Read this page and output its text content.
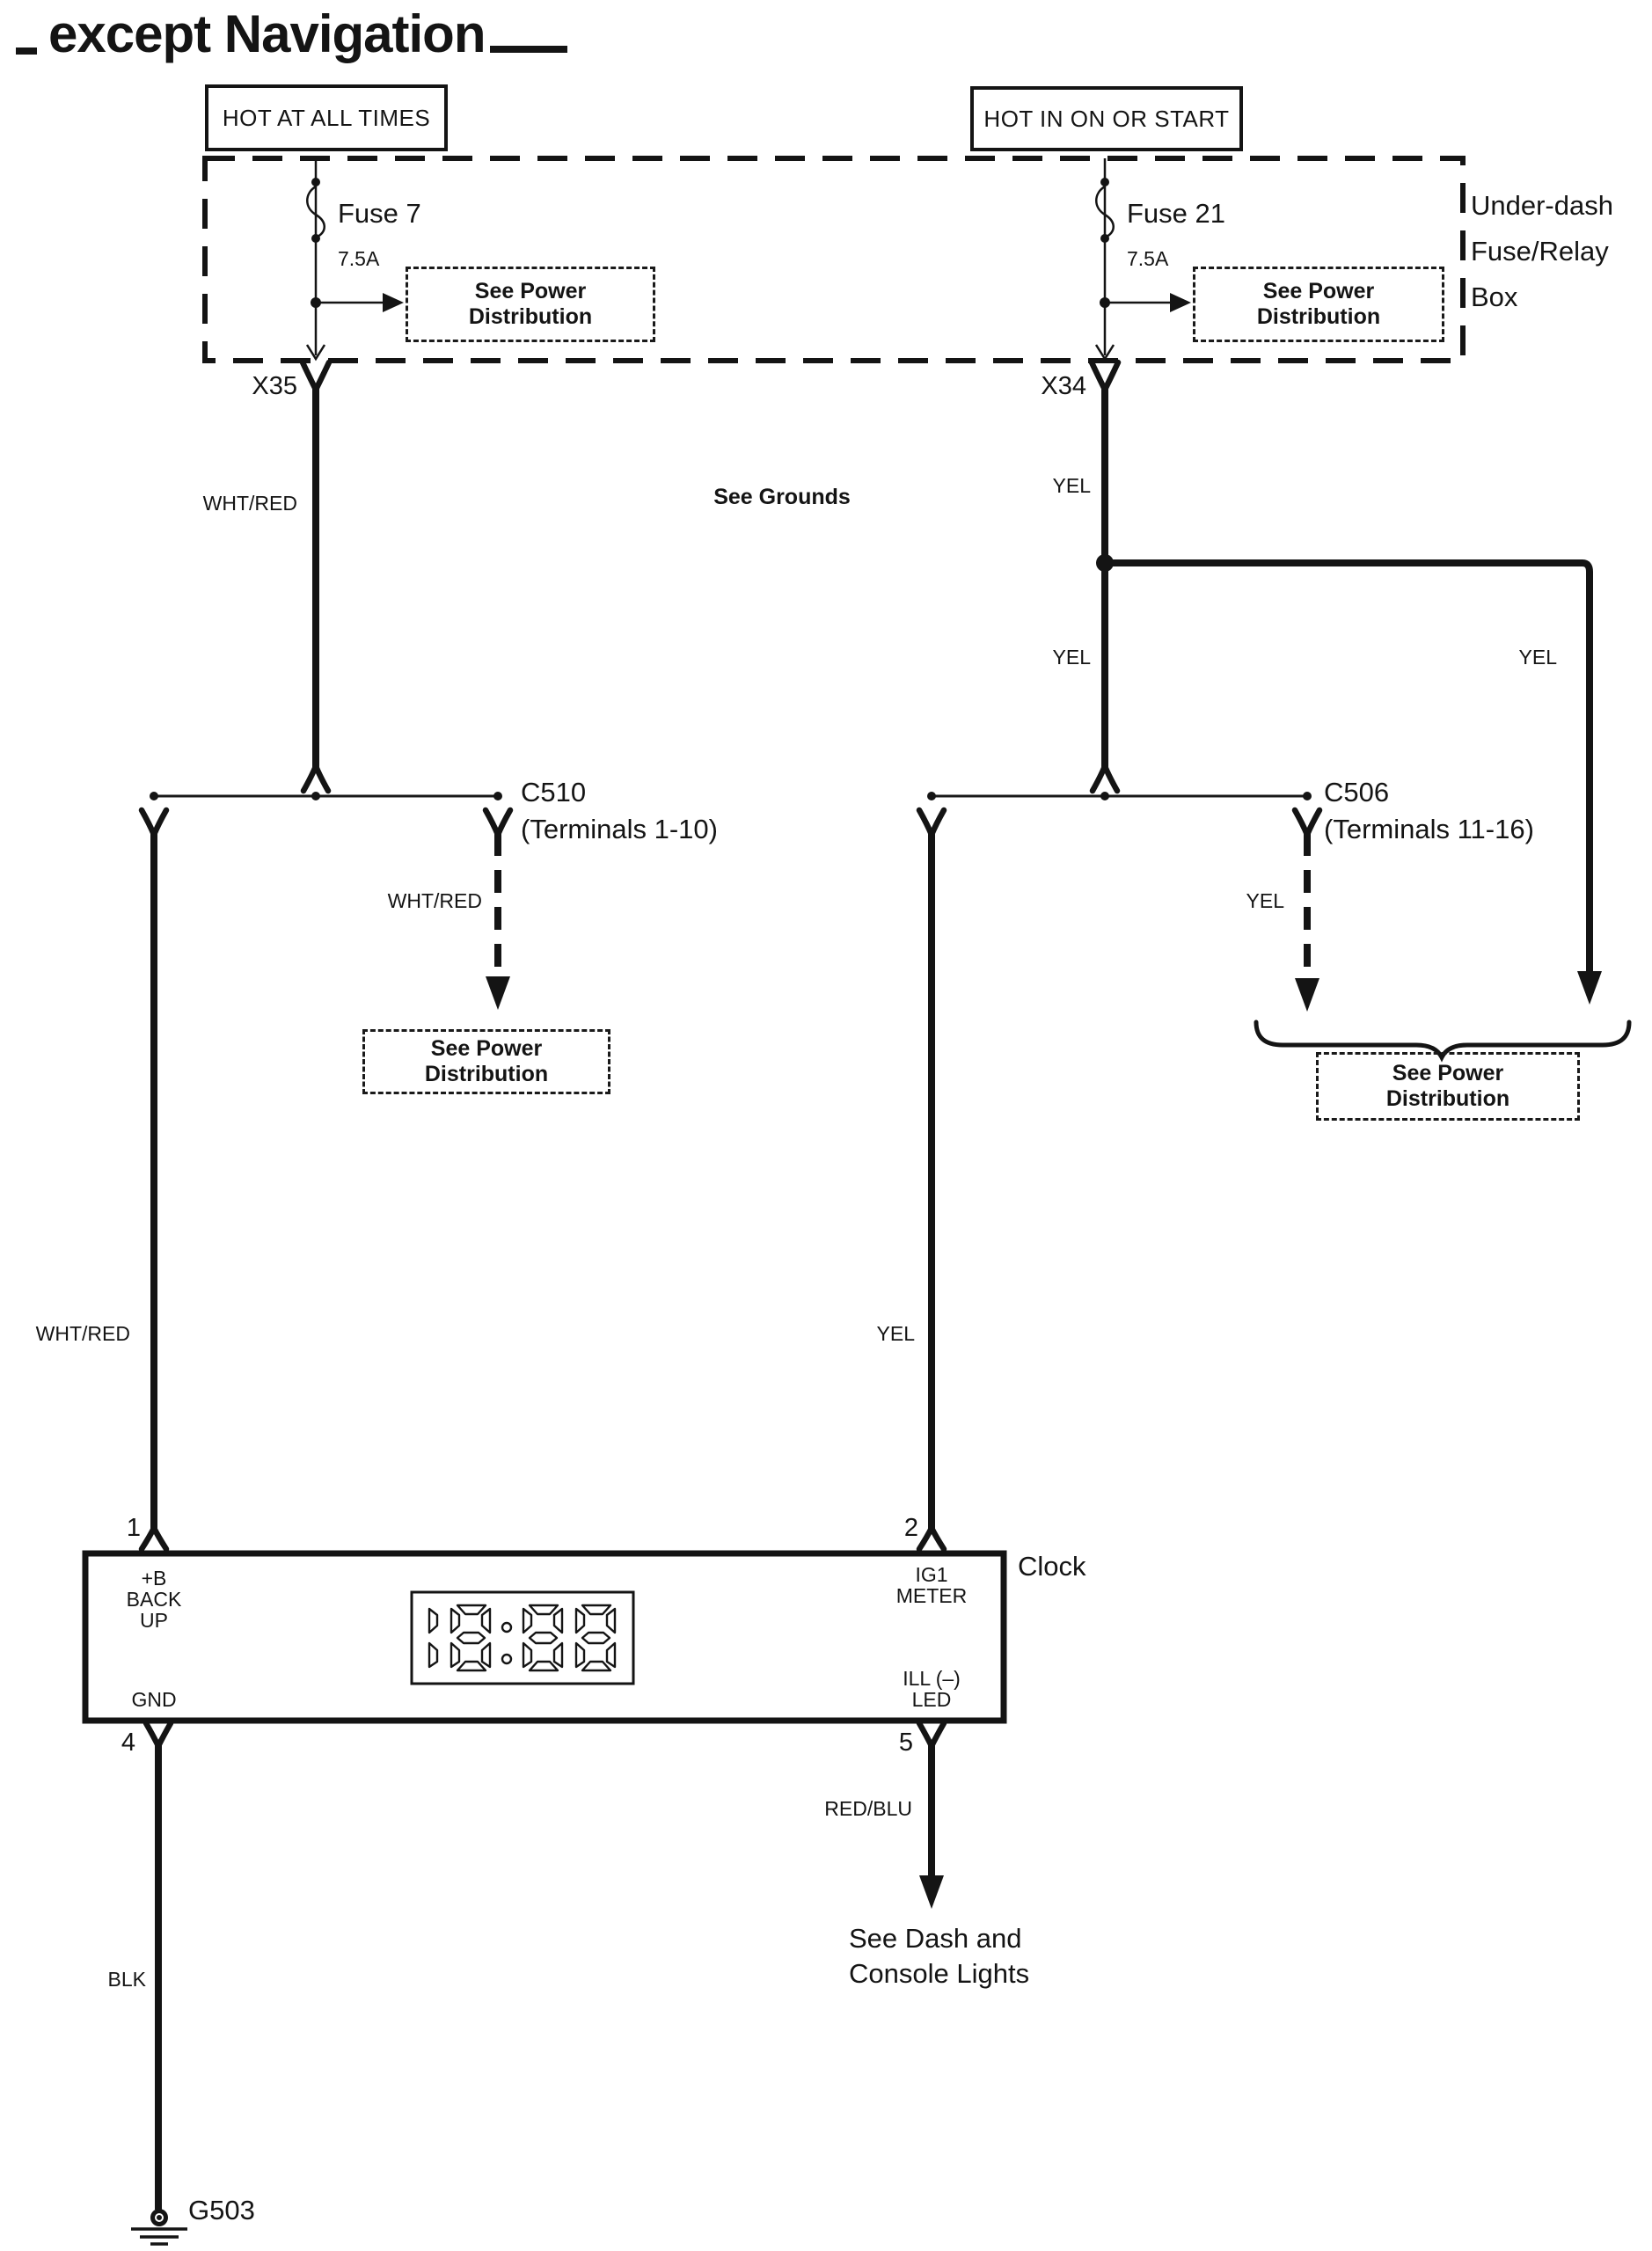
except Navigation
HOT AT ALL TIMES	HOT IN ON OR START
Under-dash
Fuse/Relay
Box
Fuse 7
7.5A
Fuse 21
7.5A
See Power
Distribution
See Power
Distribution
X35	X34
WHT/RED	See Grounds	YEL
YEL	YEL
C510
(Terminals 1-10)
C506
(Terminals 11-16)
WHT/RED	YEL
See Power
Distribution	See Power
Distribution
WHT/RED	YEL
1	2
Clock
+B
BACK
UP
GND
IG1
METER
ILL (–)
LED
4	5
RED/BLU
BLK
See Dash and
Console Lights
G503
